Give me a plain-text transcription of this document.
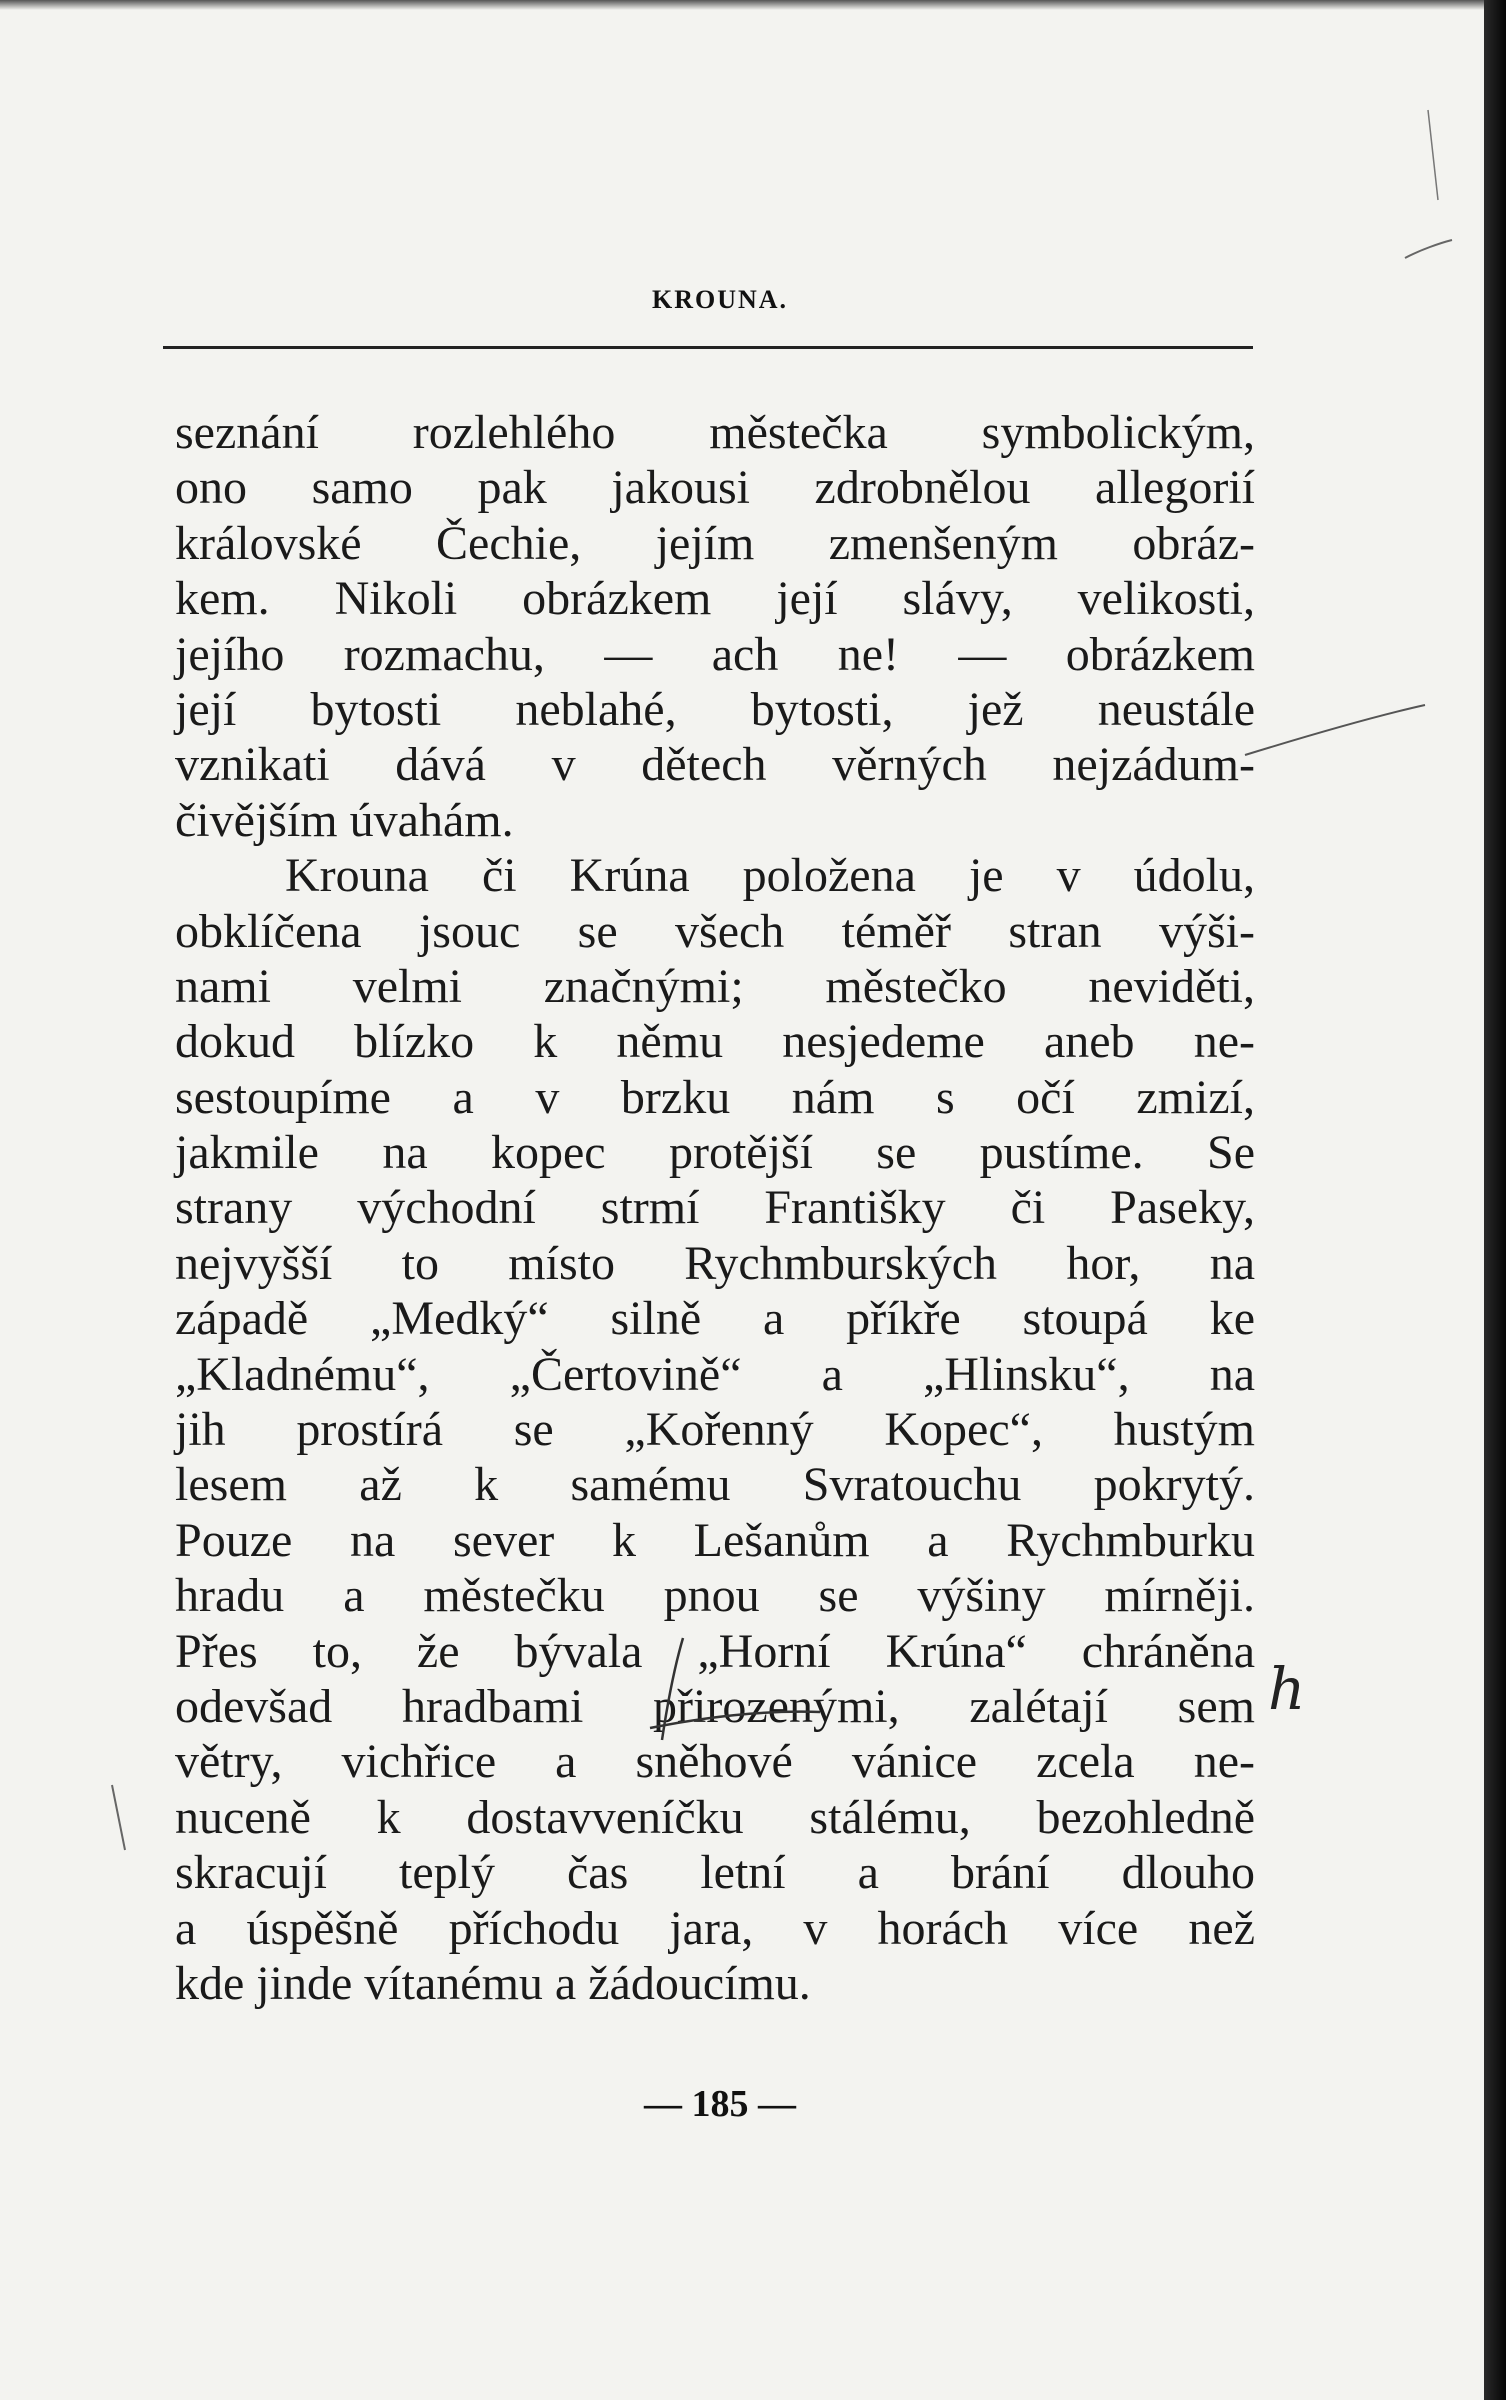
KROUNA.
seznání rozlehlého městečka symbolickým,
ono samo pak jakousi zdrobnělou allegorií
královské Čechie, jejím zmenšeným obráz-
kem. Nikoli obrázkem její slávy, velikosti,
jejího rozmachu, — ach ne! — obrázkem
její bytosti neblahé, bytosti, jež neustále
vznikati dává v dětech věrných nejzádum-
čivějším úvahám.
Krouna či Krúna položena je v údolu,
obklíčena jsouc se všech téměř stran výši-
nami velmi značnými; městečko neviděti,
dokud blízko k němu nesjedeme aneb ne-
sestoupíme a v brzku nám s očí zmizí,
jakmile na kopec protější se pustíme. Se
strany východní strmí Františky či Paseky,
nejvyšší to místo Rychmburských hor, na
západě „Medký“ silně a příkře stoupá ke
„Kladnému“, „Čertovině“ a „Hlinsku“, na
jih prostírá se „Kořenný Kopec“, hustým
lesem až k samému Svratouchu pokrytý.
Pouze na sever k Lešanům a Rychmburku
hradu a městečku pnou se výšiny mírněji.
Přes to, že bývala „Horní Krúna“ chráněna
odevšad hradbami přirozenými, zalétají sem
větry, vichřice a sněhové vánice zcela ne-
nuceně k dostavveníčku stálému, bezohledně
skracují teplý čas letní a brání dlouho
a úspěšně příchodu jara, v horách více než
kde jinde vítanému a žádoucímu.
h
— 185 —
